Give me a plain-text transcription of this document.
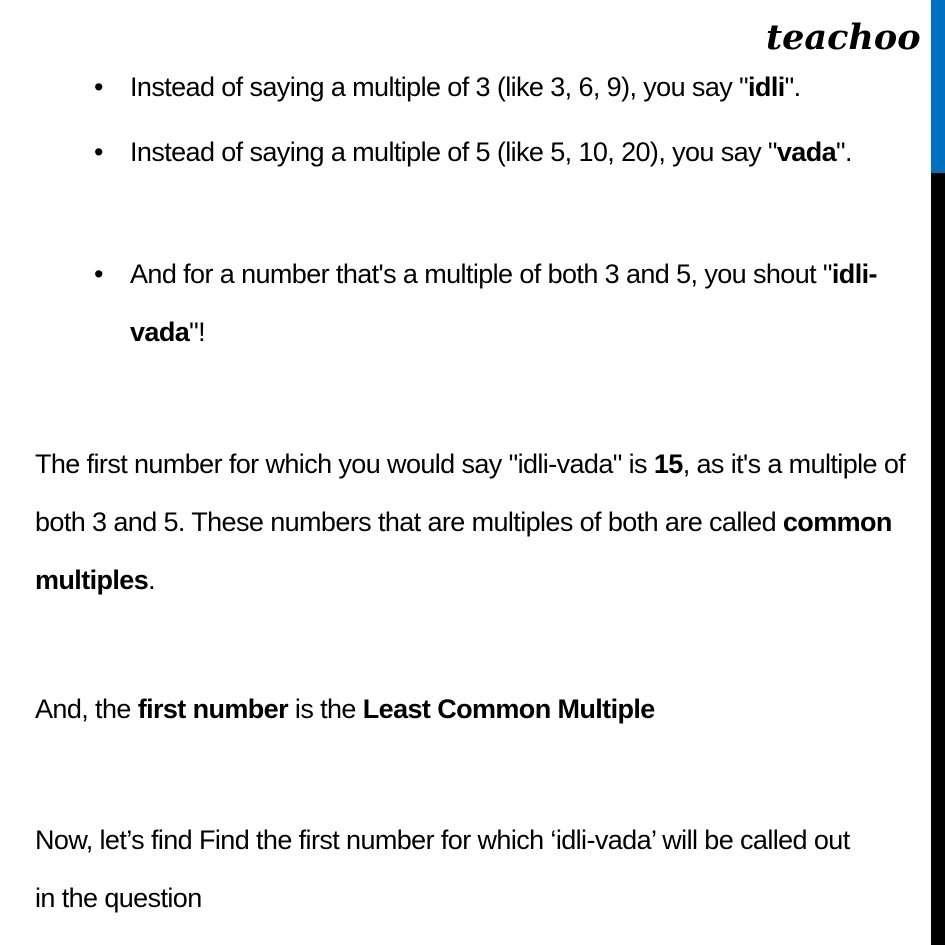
teachoo
• Instead of saying a multiple of 3 (like 3, 6, 9), you say "idli".
• Instead of saying a multiple of 5 (like 5, 10, 20), you say "vada".
• And for a number that's a multiple of both 3 and 5, you shout "idli-vada"!

The first number for which you would say "idli-vada" is 15, as it's a multiple of both 3 and 5. These numbers that are multiples of both are called common multiples.

And, the first number is the Least Common Multiple

Now, let’s find Find the first number for which ‘idli-vada’ will be called out in the question
